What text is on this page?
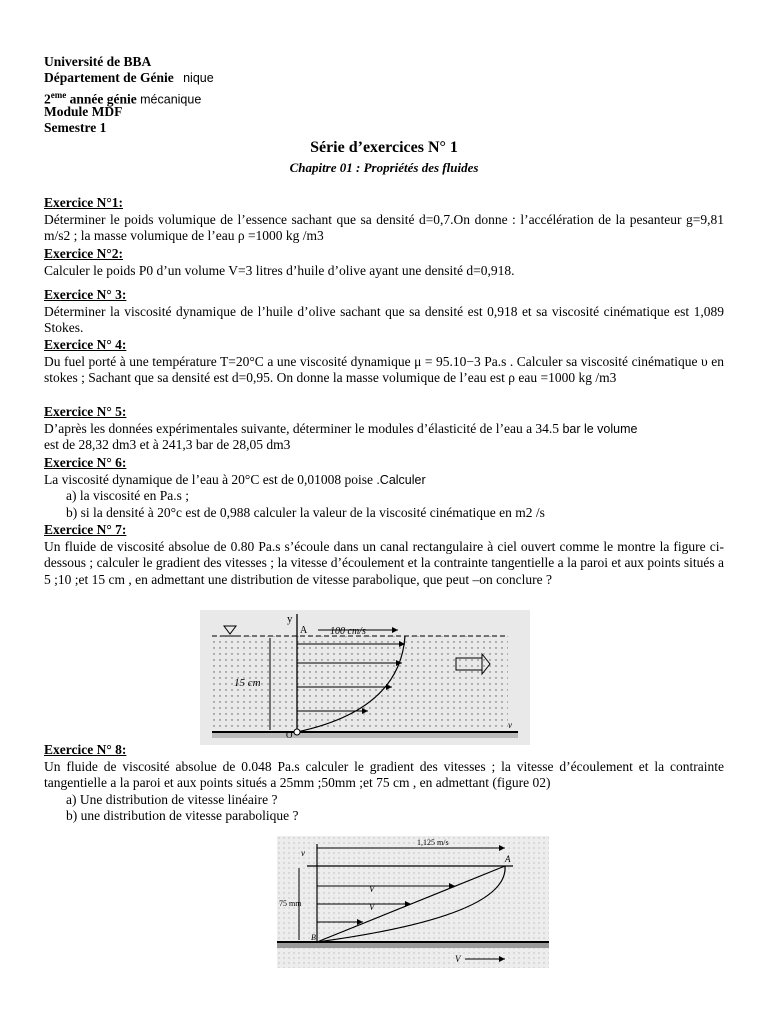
Université de BBA
Département de Génie nique
2eme année génie mécanique
Module MDF
Semestre 1
Série d’exercices N° 1
Chapitre 01 : Propriétés des fluides
Exercice N°1:

Déterminer le poids volumique de l’essence sachant que sa densité d=0,7.On donne : l’accélération de la pesanteur g=9,81 m/s2 ; la masse volumique de l’eau ρ =1000 kg /m3

Exercice N°2:

Calculer le poids P0 d’un volume V=3 litres d’huile d’olive ayant une densité d=0,918.

Exercice N° 3:

Déterminer la viscosité dynamique de l’huile d’olive sachant que sa densité est 0,918 et sa viscosité cinématique est 1,089 Stokes.

Exercice N° 4:

Du fuel porté à une température T=20°C a une viscosité dynamique μ = 95.10−3 Pa.s . Calculer sa viscosité cinématique υ en stokes ; Sachant que sa densité est d=0,95. On donne la masse volumique de l’eau est ρ eau =1000 kg /m3

Exercice N° 5:

D’après les données expérimentales suivante, déterminer le modules d’élasticité de l’eau a 34.5 bar le volume

est de 28,32 dm3 et à 241,3 bar de 28,05 dm3

Exercice N° 6:

La viscosité dynamique de l’eau à 20°C est de 0,01008 poise .Calculer

a) la viscosité en Pa.s ;
b) si la densité à 20°c est de 0,988 calculer la valeur de la viscosité cinématique en m2 /s
Exercice N° 7:

Un fluide de viscosité absolue de 0.80 Pa.s s’écoule dans un canal rectangulaire à ciel ouvert comme le montre la figure ci-dessous ; calculer le gradient des vitesses ; la vitesse d’écoulement et la contrainte tangentielle a la paroi et aux points situés a 5 ;10 ;et 15 cm , en admettant une distribution de vitesse parabolique, que peut –on conclure ?

y
A 100 cm/s
15 cm
O
v
Exercice N° 8:

Un fluide de viscosité absolue de 0.048 Pa.s calculer le gradient des vitesses ; la vitesse d’écoulement et la contrainte tangentielle a la paroi et aux points situés a 25mm ;50mm ;et 75 cm , en admettant (figure 02)

a) Une distribution de vitesse linéaire ?
b) une distribution de vitesse parabolique ?
v
1,125 m/s
A
V
V
75 mm
B
V
